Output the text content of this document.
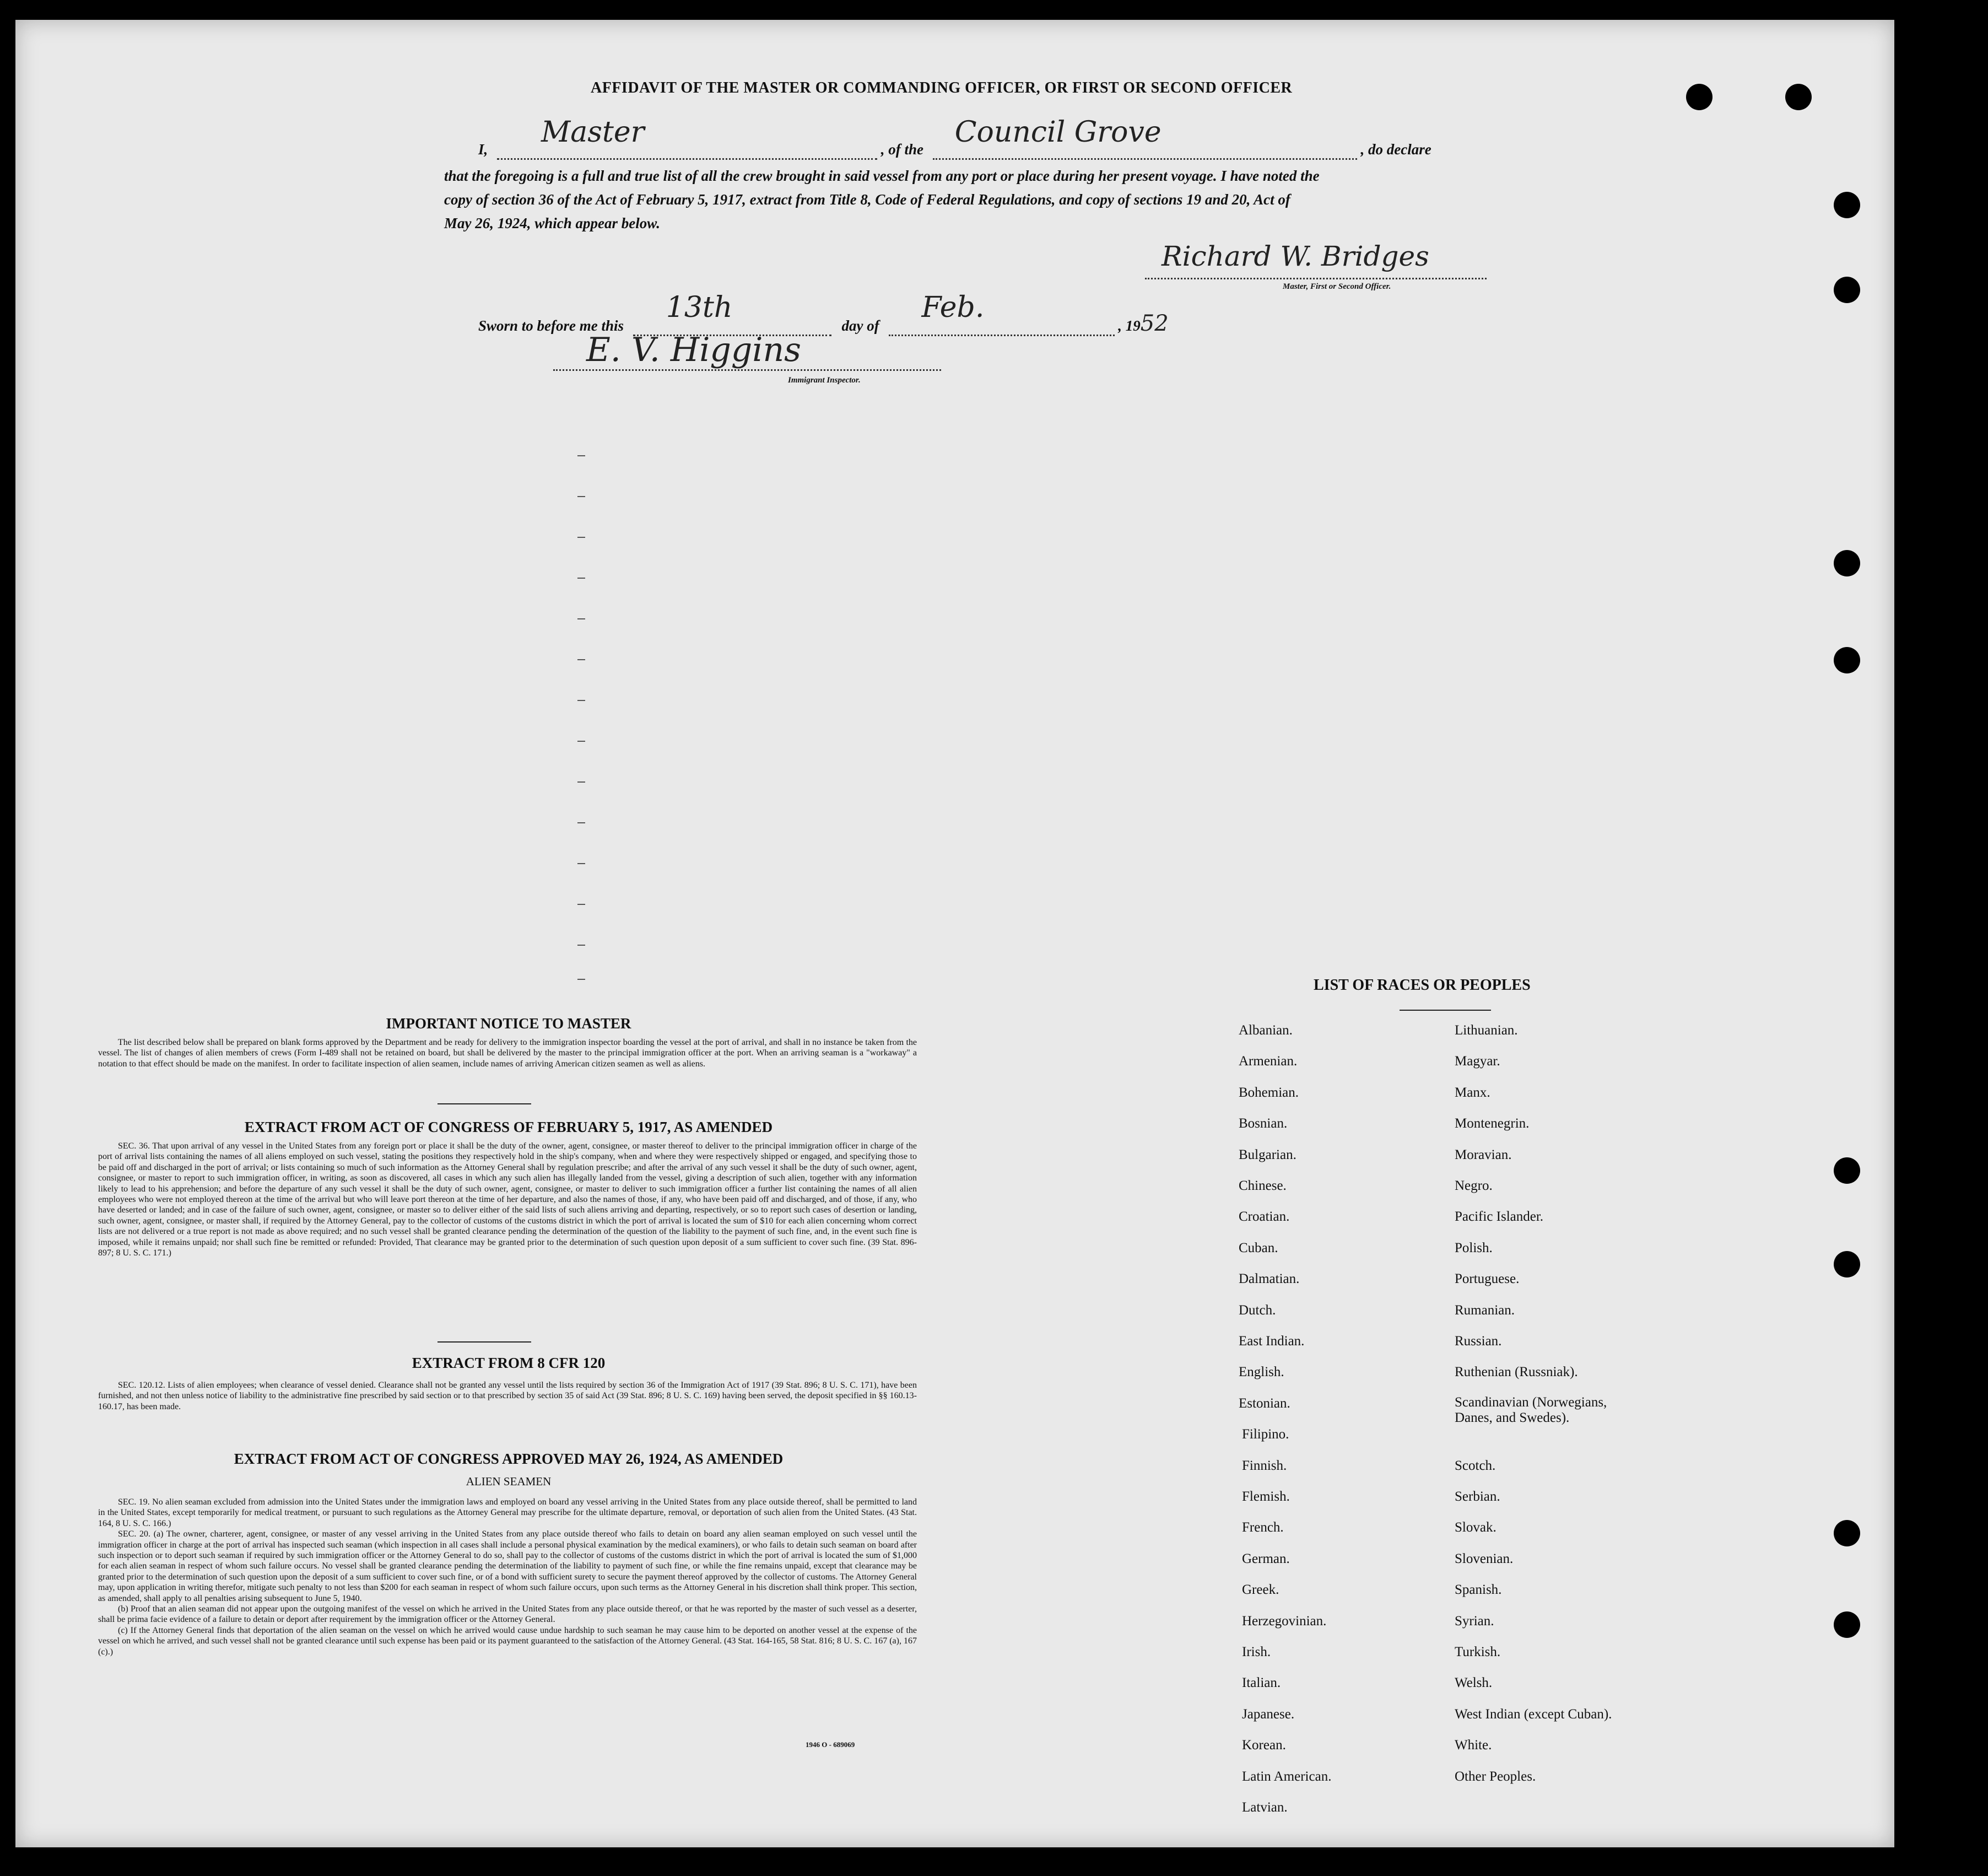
AFFIDAVIT OF THE MASTER OR COMMANDING OFFICER, OR FIRST OR SECOND OFFICER
I,
Master
, of the
Council Grove
, do declare
that the foregoing is a full and true list of all the crew brought in said vessel from any port or place during her present voyage. I have noted the
copy of section 36 of the Act of February 5, 1917, extract from Title 8, Code of Federal Regulations, and copy of sections 19 and 20, Act of
May 26, 1924, which appear below.
Richard W. Bridges
Master, First or Second Officer.
Sworn to before me this
13th
day of
Feb.
, 1952
E. V. Higgins
Immigrant Inspector.
IMPORTANT NOTICE TO MASTER

The list described below shall be prepared on blank forms approved by the Department and be ready for delivery to the immigration inspector boarding the vessel at the port of arrival, and shall in no instance be taken from the vessel. The list of changes of alien members of crews (Form I-489 shall not be retained on board, but shall be delivered by the master to the principal immigration officer at the port. When an arriving seaman is a "workaway" a notation to that effect should be made on the manifest. In order to facilitate inspection of alien seamen, include names of arriving American citizen seamen as well as aliens.

EXTRACT FROM ACT OF CONGRESS OF FEBRUARY 5, 1917, AS AMENDED

SEC. 36. That upon arrival of any vessel in the United States from any foreign port or place it shall be the duty of the owner, agent, consignee, or master thereof to deliver to the principal immigration officer in charge of the port of arrival lists containing the names of all aliens employed on such vessel, stating the positions they respectively hold in the ship's company, when and where they were respectively shipped or engaged, and specifying those to be paid off and discharged in the port of arrival; or lists containing so much of such information as the Attorney General shall by regulation prescribe; and after the arrival of any such vessel it shall be the duty of such owner, agent, consignee, or master to report to such immigration officer, in writing, as soon as discovered, all cases in which any such alien has illegally landed from the vessel, giving a description of such alien, together with any information likely to lead to his apprehension; and before the departure of any such vessel it shall be the duty of such owner, agent, consignee, or master to deliver to such immigration officer a further list containing the names of all alien employees who were not employed thereon at the time of the arrival but who will leave port thereon at the time of her departure, and also the names of those, if any, who have been paid off and discharged, and of those, if any, who have deserted or landed; and in case of the failure of such owner, agent, consignee, or master so to deliver either of the said lists of such aliens arriving and departing, respectively, or so to report such cases of desertion or landing, such owner, agent, consignee, or master shall, if required by the Attorney General, pay to the collector of customs of the customs district in which the port of arrival is located the sum of $10 for each alien concerning whom correct lists are not delivered or a true report is not made as above required; and no such vessel shall be granted clearance pending the determination of the question of the liability to the payment of such fine, and, in the event such fine is imposed, while it remains unpaid; nor shall such fine be remitted or refunded: Provided, That clearance may be granted prior to the determination of such question upon deposit of a sum sufficient to cover such fine. (39 Stat. 896-897; 8 U. S. C. 171.)

EXTRACT FROM 8 CFR 120

SEC. 120.12. Lists of alien employees; when clearance of vessel denied. Clearance shall not be granted any vessel until the lists required by section 36 of the Immigration Act of 1917 (39 Stat. 896; 8 U. S. C. 171), have been furnished, and not then unless notice of liability to the administrative fine prescribed by said section or to that prescribed by section 35 of said Act (39 Stat. 896; 8 U. S. C. 169) having been served, the deposit specified in §§ 160.13-160.17, has been made.

EXTRACT FROM ACT OF CONGRESS APPROVED MAY 26, 1924, AS AMENDED
ALIEN SEAMEN

SEC. 19. No alien seaman excluded from admission into the United States under the immigration laws and employed on board any vessel arriving in the United States from any place outside thereof, shall be permitted to land in the United States, except temporarily for medical treatment, or pursuant to such regulations as the Attorney General may prescribe for the ultimate departure, removal, or deportation of such alien from the United States. (43 Stat. 164, 8 U. S. C. 166.)

SEC. 20. (a) The owner, charterer, agent, consignee, or master of any vessel arriving in the United States from any place outside thereof who fails to detain on board any alien seaman employed on such vessel until the immigration officer in charge at the port of arrival has inspected such seaman (which inspection in all cases shall include a personal physical examination by the medical examiners), or who fails to detain such seaman on board after such inspection or to deport such seaman if required by such immigration officer or the Attorney General to do so, shall pay to the collector of customs of the customs district in which the port of arrival is located the sum of $1,000 for each alien seaman in respect of whom such failure occurs. No vessel shall be granted clearance pending the determination of the liability to payment of such fine, or while the fine remains unpaid, except that clearance may be granted prior to the determination of such question upon the deposit of a sum sufficient to cover such fine, or of a bond with sufficient surety to secure the payment thereof approved by the collector of customs. The Attorney General may, upon application in writing therefor, mitigate such penalty to not less than $200 for each seaman in respect of whom such failure occurs, upon such terms as the Attorney General in his discretion shall think proper. This section, as amended, shall apply to all penalties arising subsequent to June 5, 1940.

(b) Proof that an alien seaman did not appear upon the outgoing manifest of the vessel on which he arrived in the United States from any place outside thereof, or that he was reported by the master of such vessel as a deserter, shall be prima facie evidence of a failure to detain or deport after requirement by the immigration officer or the Attorney General.

(c) If the Attorney General finds that deportation of the alien seaman on the vessel on which he arrived would cause undue hardship to such seaman he may cause him to be deported on another vessel at the expense of the vessel on which he arrived, and such vessel shall not be granted clearance until such expense has been paid or its payment guaranteed to the satisfaction of the Attorney General. (43 Stat. 164-165, 58 Stat. 816; 8 U. S. C. 167 (a), 167 (c).)

1946 O - 689069
LIST OF RACES OR PEOPLES
Albanian.
Armenian.
Bohemian.
Bosnian.
Bulgarian.
Chinese.
Croatian.
Cuban.
Dalmatian.
Dutch.
East Indian.
English.
Estonian.
Filipino.
Finnish.
Flemish.
French.
German.
Greek.
Herzegovinian.
Irish.
Italian.
Japanese.
Korean.
Latin American.
Latvian.
Lithuanian.
Magyar.
Manx.
Montenegrin.
Moravian.
Negro.
Pacific Islander.
Polish.
Portuguese.
Rumanian.
Russian.
Ruthenian (Russniak).
Scandinavian (Norwegians,
Danes, and Swedes).
Scotch.
Serbian.
Slovak.
Slovenian.
Spanish.
Syrian.
Turkish.
Welsh.
West Indian (except Cuban).
White.
Other Peoples.
